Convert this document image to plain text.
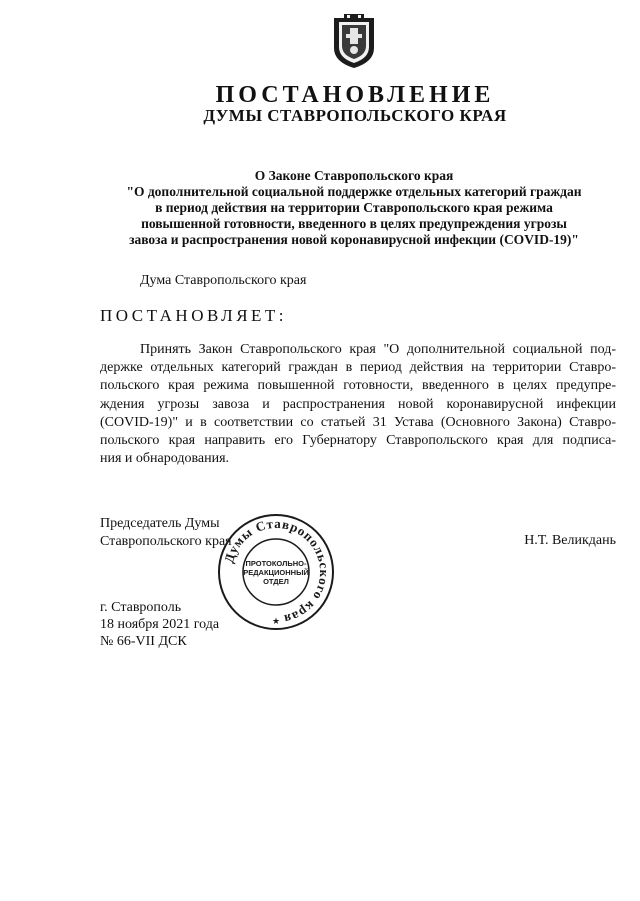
ПОСТАНОВЛЕНИЕ
ДУМЫ СТАВРОПОЛЬСКОГО КРАЯ
О Законе Ставропольского края
"О дополнительной социальной поддержке отдельных категорий граждан
в период действия на территории Ставропольского края режима
повышенной готовности, введенного в целях предупреждения угрозы
завоза и распространения новой коронавирусной инфекции (COVID-19)"
Дума Ставропольского края
ПОСТАНОВЛЯЕТ:
Принять Закон Ставропольского края "О дополнительной социальной под-
держке отдельных категорий граждан в период действия на территории Ставро-
польского края режима повышенной готовности, введенного в целях предупре-
ждения угрозы завоза и распространения новой коронавирусной инфекции
(COVID-19)" и в соответствии со статьей 31 Устава (Основного Закона) Ставро-
польского края направить его Губернатору Ставропольского края для подписа-
ния и обнародования.
Председатель Думы
Ставропольского края	Н.Т. Великдань
Думы Ставропольского края
ПРОТОКОЛЬНО-
РЕДАКЦИОННЫЙ
ОТДЕЛ
★
г. Ставрополь
18 ноября 2021 года
№ 66-VII ДСК
